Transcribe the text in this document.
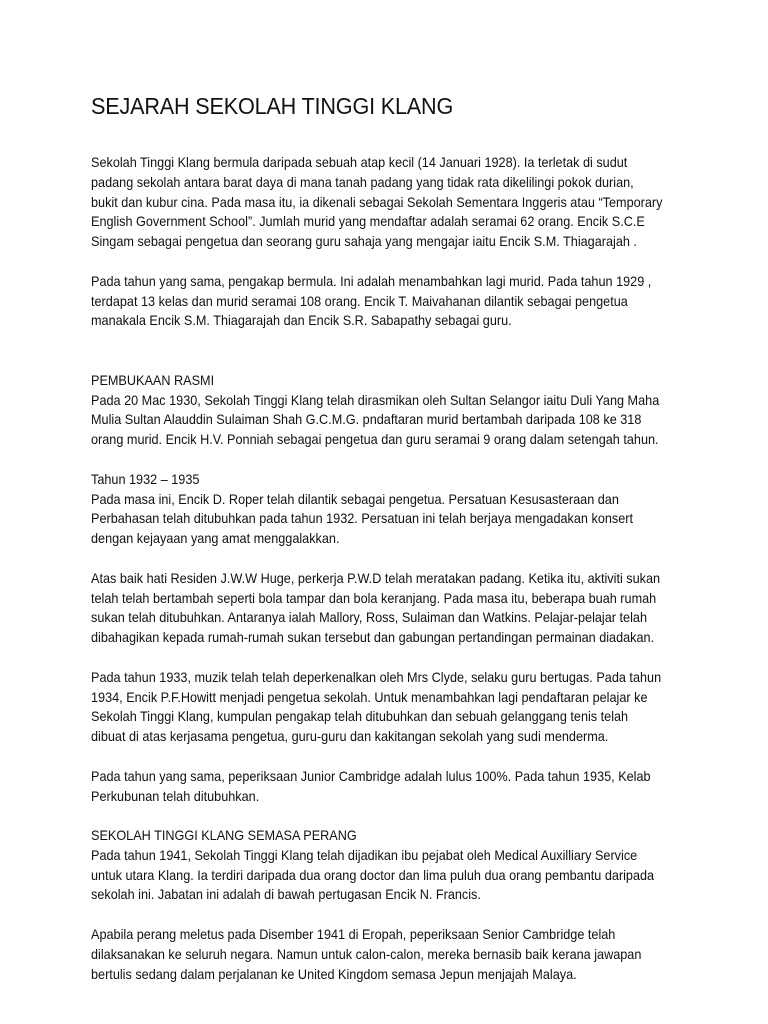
SEJARAH SEKOLAH TINGGI KLANG
Sekolah Tinggi Klang bermula daripada sebuah atap kecil (14 Januari 1928). Ia terletak di sudut
padang sekolah antara barat daya di mana tanah padang yang tidak rata dikelilingi pokok durian,
bukit dan kubur cina. Pada masa itu, ia dikenali sebagai Sekolah Sementara Inggeris atau “Temporary
English Government School”. Jumlah murid yang mendaftar adalah seramai 62 orang. Encik S.C.E
Singam sebagai pengetua dan seorang guru sahaja yang mengajar iaitu Encik S.M. Thiagarajah .
Pada tahun yang sama, pengakap bermula. Ini adalah menambahkan lagi murid. Pada tahun 1929 ,
terdapat 13 kelas dan murid seramai 108 orang. Encik T. Maivahanan dilantik sebagai pengetua
manakala Encik S.M. Thiagarajah dan Encik S.R. Sabapathy sebagai guru.
PEMBUKAAN RASMI
Pada 20 Mac 1930, Sekolah Tinggi Klang telah dirasmikan oleh Sultan Selangor iaitu Duli Yang Maha
Mulia Sultan Alauddin Sulaiman Shah G.C.M.G. pndaftaran murid bertambah daripada 108 ke 318
orang murid. Encik H.V. Ponniah sebagai pengetua dan guru seramai 9 orang dalam setengah tahun.
Tahun 1932 – 1935
Pada masa ini, Encik D. Roper telah dilantik sebagai pengetua. Persatuan Kesusasteraan dan
Perbahasan telah ditubuhkan pada tahun 1932. Persatuan ini telah berjaya mengadakan konsert
dengan kejayaan yang amat menggalakkan.
Atas baik hati Residen J.W.W Huge, perkerja P.W.D telah meratakan padang. Ketika itu, aktiviti sukan
telah telah bertambah seperti bola tampar dan bola keranjang. Pada masa itu, beberapa buah rumah
sukan telah ditubuhkan. Antaranya ialah Mallory, Ross, Sulaiman dan Watkins. Pelajar-pelajar telah
dibahagikan kepada rumah-rumah sukan tersebut dan gabungan pertandingan permainan diadakan.
Pada tahun 1933, muzik telah telah deperkenalkan oleh Mrs Clyde, selaku guru bertugas. Pada tahun
1934, Encik P.F.Howitt menjadi pengetua sekolah. Untuk menambahkan lagi pendaftaran pelajar ke
Sekolah Tinggi Klang, kumpulan pengakap telah ditubuhkan dan sebuah gelanggang tenis telah
dibuat di atas kerjasama pengetua, guru-guru dan kakitangan sekolah yang sudi menderma.
Pada tahun yang sama, peperiksaan Junior Cambridge adalah lulus 100%. Pada tahun 1935, Kelab
Perkubunan telah ditubuhkan.
SEKOLAH TINGGI KLANG SEMASA PERANG
Pada tahun 1941, Sekolah Tinggi Klang telah dijadikan ibu pejabat oleh Medical Auxilliary Service
untuk utara Klang. Ia terdiri daripada dua orang doctor dan lima puluh dua orang pembantu daripada
sekolah ini. Jabatan ini adalah di bawah pertugasan Encik N. Francis.
Apabila perang meletus pada Disember 1941 di Eropah, peperiksaan Senior Cambridge telah
dilaksanakan ke seluruh negara. Namun untuk calon-calon, mereka bernasib baik kerana jawapan
bertulis sedang dalam perjalanan ke United Kingdom semasa Jepun menjajah Malaya.
